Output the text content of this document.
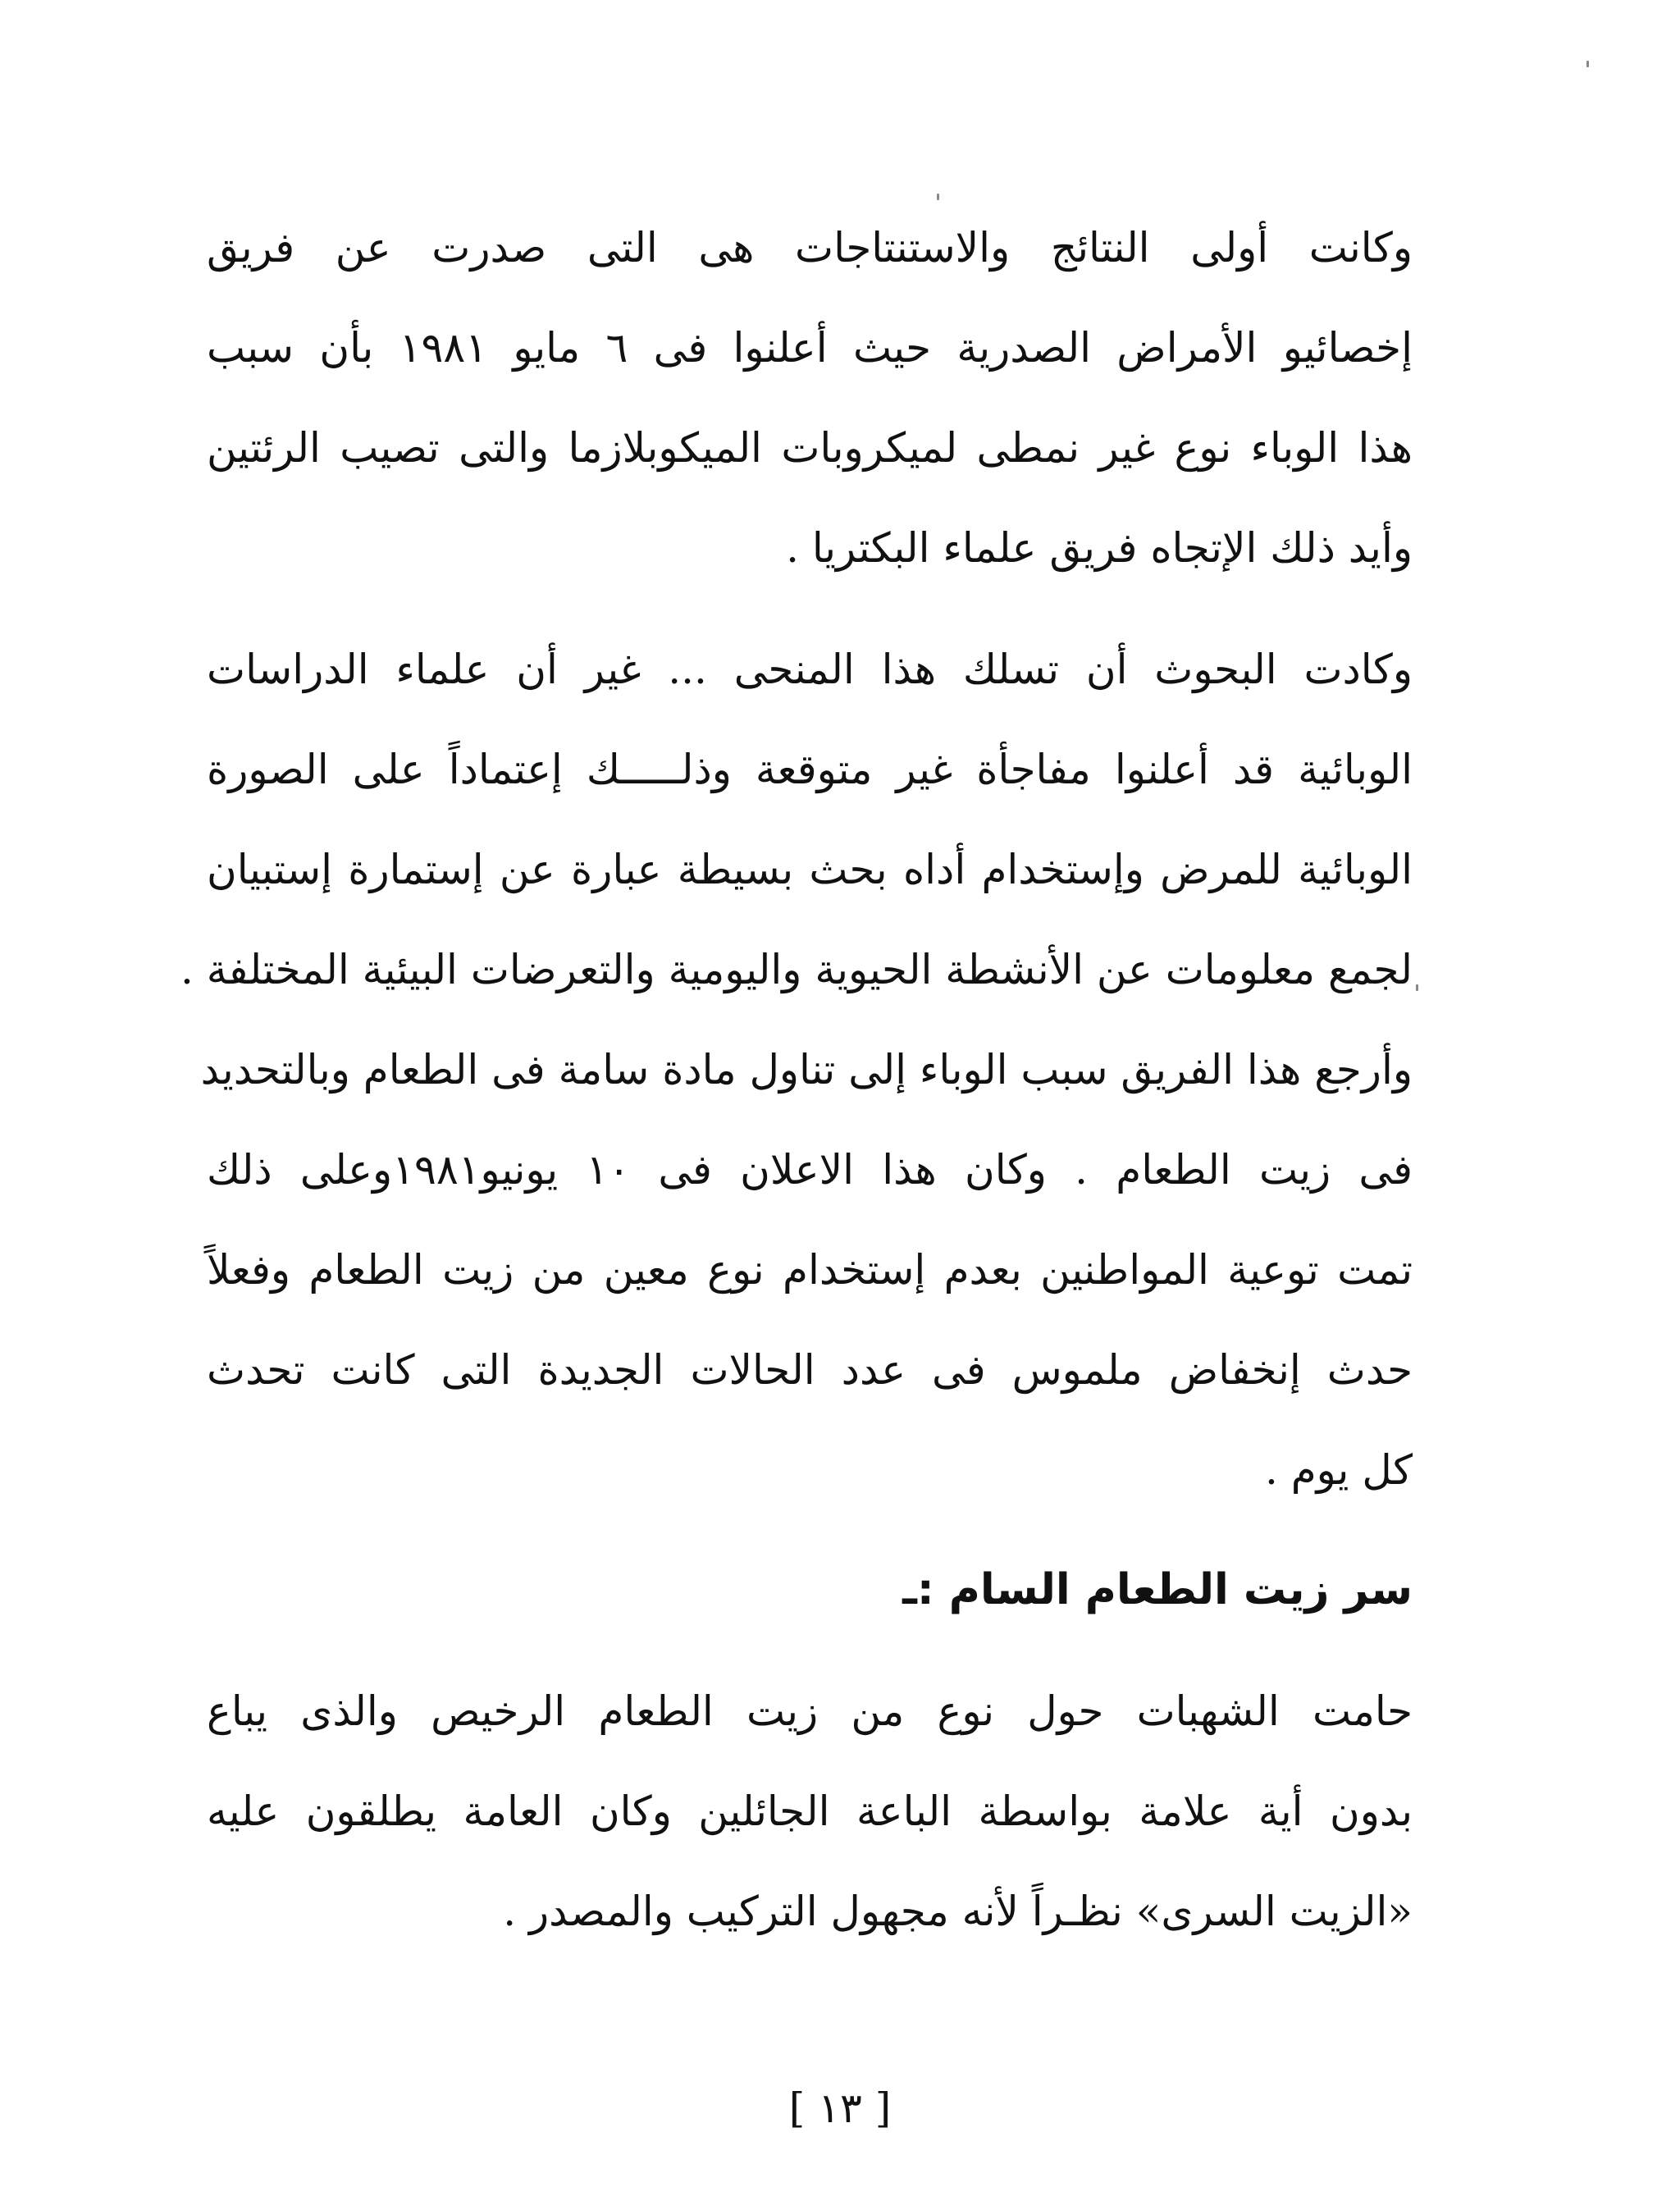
وكانت أولى النتائج والاستنتاجات هى التى صدرت عن فريق
إخصائيو الأمراض الصدرية حيث أعلنوا فى ٦ مايو ١٩٨١ بأن سبب
هذا الوباء نوع غير نمطى لميكروبات الميكوبلازما والتى تصيب الرئتين
وأيد ذلك الإتجاه فريق علماء البكتريا .
وكادت البحوث أن تسلك هذا المنحى ... غير أن علماء الدراسات
الوبائية قد أعلنوا مفاجأة غير متوقعة وذلـــــك إعتماداً على الصورة
الوبائية للمرض وإستخدام أداه بحث بسيطة عبارة عن إستمارة إستبيان
لجمع معلومات عن الأنشطة الحيوية واليومية والتعرضات البيئية المختلفة .
وأرجع هذا الفريق سبب الوباء إلى تناول مادة سامة فى الطعام وبالتحديد
فى زيت الطعام . وكان هذا الاعلان فى ١٠ يونيو١٩٨١وعلى ذلك
تمت توعية المواطنين بعدم إستخدام نوع معين من زيت الطعام وفعلاً
حدث إنخفاض ملموس فى عدد الحالات الجديدة التى كانت تحدث
كل يوم .
سر زيت الطعام السام :ـ
حامت الشهبات حول نوع من زيت الطعام الرخيص والذى يباع
بدون أية علامة بواسطة الباعة الجائلين وكان العامة يطلقون عليه
«الزيت السرى» نظـراً لأنه مجهول التركيب والمصدر .
[ ١٣ ]
